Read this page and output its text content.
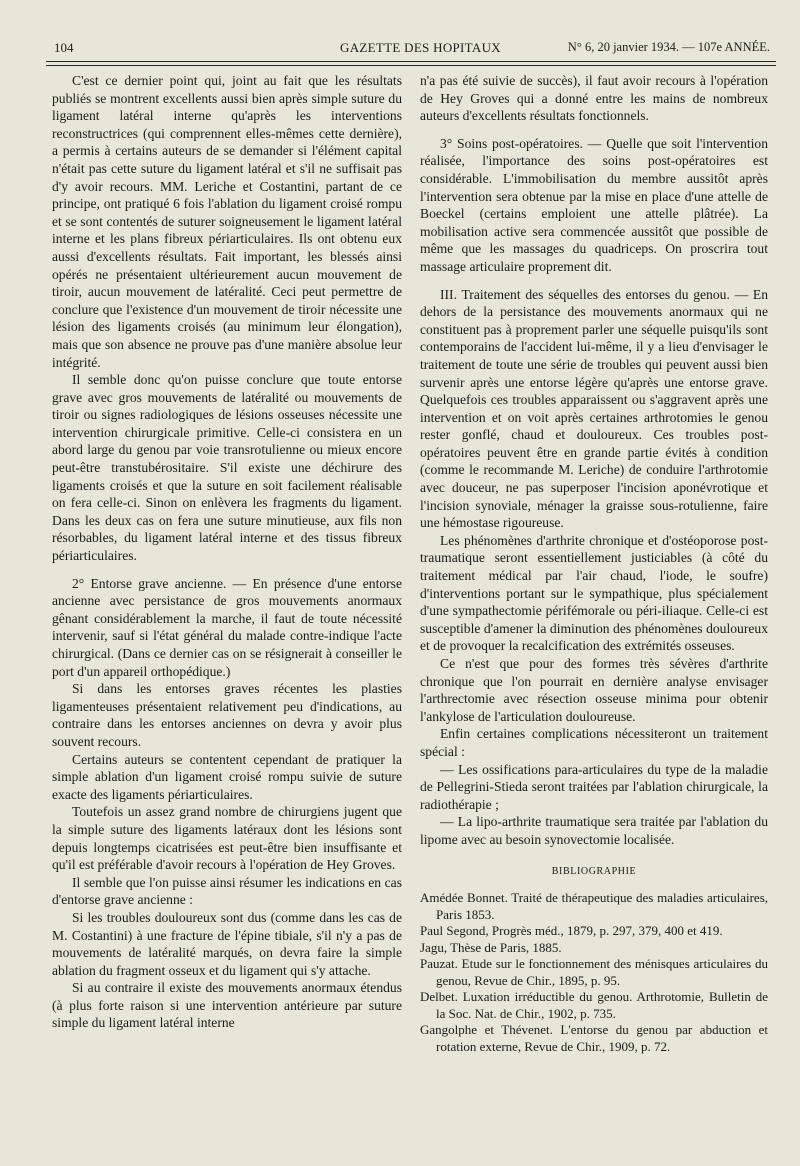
104	GAZETTE DES HOPITAUX	N° 6, 20 janvier 1934. — 107e ANNÉE.

C'est ce dernier point qui, joint au fait que les résultats publiés se montrent excellents aussi bien après simple suture du ligament latéral interne qu'après les interventions reconstructrices (qui comprennent elles-mêmes cette dernière), a permis à certains auteurs de se demander si l'élément capital n'était pas cette suture du ligament latéral et s'il ne suffisait pas d'y avoir recours. MM. Leriche et Costantini, partant de ce principe, ont pratiqué 6 fois l'ablation du ligament croisé rompu et se sont contentés de suturer soigneusement le ligament latéral interne et les plans fibreux périarticulaires. Ils ont obtenu eux aussi d'excellents résultats. Fait important, les blessés ainsi opérés ne présentaient ultérieurement aucun mouvement de tiroir, aucun mouvement de latéralité. Ceci peut permettre de conclure que l'existence d'un mouvement de tiroir nécessite une lésion des ligaments croisés (au minimum leur élongation), mais que son absence ne prouve pas d'une manière absolue leur intégrité.

Il semble donc qu'on puisse conclure que toute entorse grave avec gros mouvements de latéralité ou mouvements de tiroir ou signes radiologiques de lésions osseuses nécessite une intervention chirurgicale primitive. Celle-ci consistera en un abord large du genou par voie transrotulienne ou mieux encore peut-être transtubérositaire. S'il existe une déchirure des ligaments croisés et que la suture en soit facilement réalisable on fera celle-ci. Sinon on enlèvera les fragments du ligament. Dans les deux cas on fera une suture minutieuse, aux fils non résorbables, du ligament latéral interne et des tissus fibreux périarticulaires.

2° Entorse grave ancienne. — En présence d'une entorse ancienne avec persistance de gros mouvements anormaux gênant considérablement la marche, il faut de toute nécessité intervenir, sauf si l'état général du malade contre-indique l'acte chirurgical. (Dans ce dernier cas on se résignerait à conseiller le port d'un appareil orthopédique.)

Si dans les entorses graves récentes les plasties ligamenteuses présentaient relativement peu d'indications, au contraire dans les entorses anciennes on devra y avoir plus souvent recours.

Certains auteurs se contentent cependant de pratiquer la simple ablation d'un ligament croisé rompu suivie de suture exacte des ligaments périarticulaires.

Toutefois un assez grand nombre de chirurgiens jugent que la simple suture des ligaments latéraux dont les lésions sont depuis longtemps cicatrisées est peut-être bien insuffisante et qu'il est préférable d'avoir recours à l'opération de Hey Groves.

Il semble que l'on puisse ainsi résumer les indications en cas d'entorse grave ancienne :

Si les troubles douloureux sont dus (comme dans les cas de M. Costantini) à une fracture de l'épine tibiale, s'il n'y a pas de mouvements de latéralité marqués, on devra faire la simple ablation du fragment osseux et du ligament qui s'y attache.

Si au contraire il existe des mouvements anormaux étendus (à plus forte raison si une intervention antérieure par suture simple du ligament latéral interne

n'a pas été suivie de succès), il faut avoir recours à l'opération de Hey Groves qui a donné entre les mains de nombreux auteurs d'excellents résultats fonctionnels.

3° Soins post-opératoires. — Quelle que soit l'intervention réalisée, l'importance des soins post-opératoires est considérable. L'immobilisation du membre aussitôt après l'intervention sera obtenue par la mise en place d'une attelle de Boeckel (certains emploient une attelle plâtrée). La mobilisation active sera commencée aussitôt que possible de même que les massages du quadriceps. On proscrira tout massage articulaire proprement dit.

III. Traitement des séquelles des entorses du genou. — En dehors de la persistance des mouvements anormaux qui ne constituent pas à proprement parler une séquelle puisqu'ils sont contemporains de l'accident lui-même, il y a lieu d'envisager le traitement de toute une série de troubles qui peuvent aussi bien survenir après une entorse légère qu'après une entorse grave. Quelquefois ces troubles apparaissent ou s'aggravent après une intervention et on voit après certaines arthrotomies le genou rester gonflé, chaud et douloureux. Ces troubles post-opératoires peuvent être en grande partie évités à condition (comme le recommande M. Leriche) de conduire l'arthrotomie avec douceur, ne pas superposer l'incision aponévrotique et l'incision synoviale, ménager la graisse sous-rotulienne, faire une hémostase rigoureuse.

Les phénomènes d'arthrite chronique et d'ostéoporose post-traumatique seront essentiellement justiciables (à côté du traitement médical par l'air chaud, l'iode, le soufre) d'interventions portant sur le sympathique, plus spécialement d'une sympathectomie périfémorale ou péri-iliaque. Celle-ci est susceptible d'amener la diminution des phénomènes douloureux et de provoquer la recalcification des extrémités osseuses.

Ce n'est que pour des formes très sévères d'arthrite chronique que l'on pourrait en dernière analyse envisager l'arthrectomie avec résection osseuse minima pour obtenir l'ankylose de l'articulation douloureuse.

Enfin certaines complications nécessiteront un traitement spécial :

— Les ossifications para-articulaires du type de la maladie de Pellegrini-Stieda seront traitées par l'ablation chirurgicale, la radiothérapie ;

— La lipo-arthrite traumatique sera traitée par l'ablation du lipome avec au besoin synovectomie localisée.

BIBLIOGRAPHIE

Amédée Bonnet. Traité de thérapeutique des maladies articulaires, Paris 1853.

Paul Segond, Progrès méd., 1879, p. 297, 379, 400 et 419.

Jagu, Thèse de Paris, 1885.

Pauzat. Etude sur le fonctionnement des ménisques articulaires du genou, Revue de Chir., 1895, p. 95.

Delbet. Luxation irréductible du genou. Arthrotomie, Bulletin de la Soc. Nat. de Chir., 1902, p. 735.

Gangolphe et Thévenet. L'entorse du genou par abduction et rotation externe, Revue de Chir., 1909, p. 72.
